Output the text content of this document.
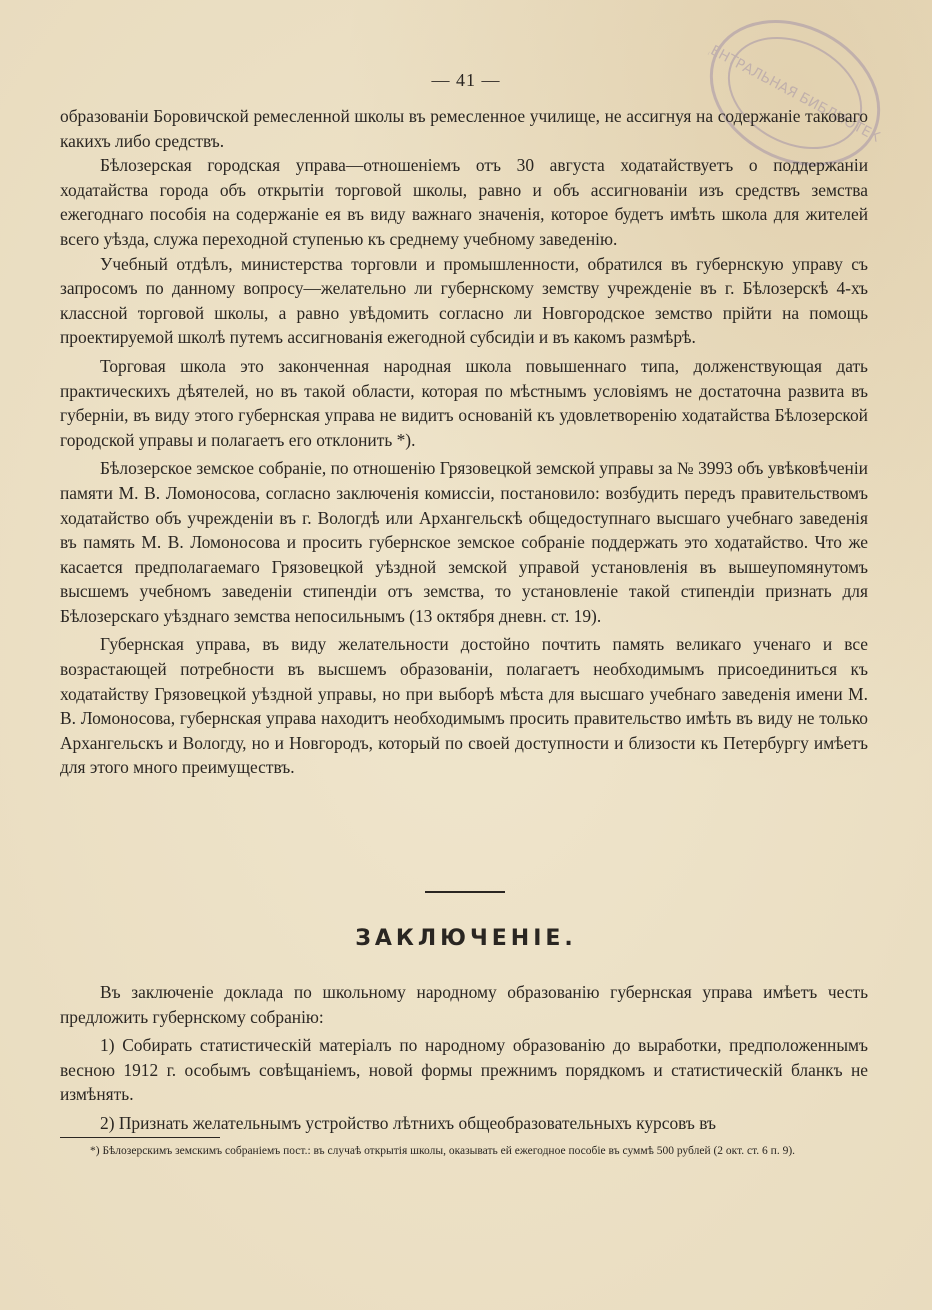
ЦЕНТРАЛЬНАЯ БИБЛИОТЕКА
— 41 —

образованіи Боровичской ремесленной школы въ ремесленное училище, не ассигнуя на содержаніе таковаго какихъ либо средствъ.

Бѣлозерская городская управа—отношеніемъ отъ 30 августа ходатайствуетъ о поддержаніи ходатайства города объ открытіи торговой школы, равно и объ ассигнованіи изъ средствъ земства ежегоднаго пособія на содержаніе ея въ виду важнаго значенія, которое будетъ имѣть школа для жителей всего уѣзда, служа переходной ступенью къ среднему учебному заведенію.

Учебный отдѣлъ, министерства торговли и промышленности, обратился въ губернскую управу съ запросомъ по данному вопросу—желательно ли губернскому земству учрежденіе въ г. Бѣлозерскѣ 4-хъ классной торговой школы, а равно увѣдомить согласно ли Новгородское земство прійти на помощь проектируемой школѣ путемъ ассигнованія ежегодной субсидіи и въ какомъ размѣрѣ.

Торговая школа это законченная народная школа повышеннаго типа, долженствующая дать практическихъ дѣятелей, но въ такой области, которая по мѣстнымъ условіямъ не достаточна развита въ губерніи, въ виду этого губернская управа не видитъ основаній къ удовлетворенію ходатайства Бѣлозерской городской управы и полагаетъ его отклонить *).

Бѣлозерское земское собраніе, по отношенію Грязовецкой земской управы за № 3993 объ увѣковѣченіи памяти М. В. Ломоносова, согласно заключенія комиссіи, постановило: возбудить передъ правительствомъ ходатайство объ учрежденіи въ г. Вологдѣ или Архангельскѣ общедоступнаго высшаго учебнаго заведенія въ память М. В. Ломоносова и просить губернское земское собраніе поддержать это ходатайство. Что же касается предполагаемаго Грязовецкой уѣздной земской управой установленія въ вышеупомянутомъ высшемъ учебномъ заведеніи стипендіи отъ земства, то установленіе такой стипендіи признать для Бѣлозерскаго уѣзднаго земства непосильнымъ (13 октября дневн. ст. 19).

Губернская управа, въ виду желательности достойно почтить память великаго ученаго и все возрастающей потребности въ высшемъ образованіи, полагаетъ необходимымъ присоединиться къ ходатайству Грязовецкой уѣздной управы, но при выборѣ мѣста для высшаго учебнаго заведенія имени М. В. Ломоносова, губернская управа находитъ необходимымъ просить правительство имѣть въ виду не только Архангельскъ и Вологду, но и Новгородъ, который по своей доступности и близости къ Петербургу имѣетъ для этого много преимуществъ.

ЗАКЛЮЧЕНІЕ.

Въ заключеніе доклада по школьному народному образованію губернская управа имѣетъ честь предложить губернскому собранію:

1) Собирать статистическій матеріалъ по народному образованію до выработки, предположеннымъ весною 1912 г. особымъ совѣщаніемъ, новой формы прежнимъ порядкомъ и статистическій бланкъ не измѣнять.

2) Признать желательнымъ устройство лѣтнихъ общеобразовательныхъ курсовъ въ

*) Бѣлозерскимъ земскимъ собраніемъ пост.: въ случаѣ открытія школы, оказывать ей ежегодное пособіе въ суммѣ 500 рублей (2 окт. ст. 6 п. 9).
